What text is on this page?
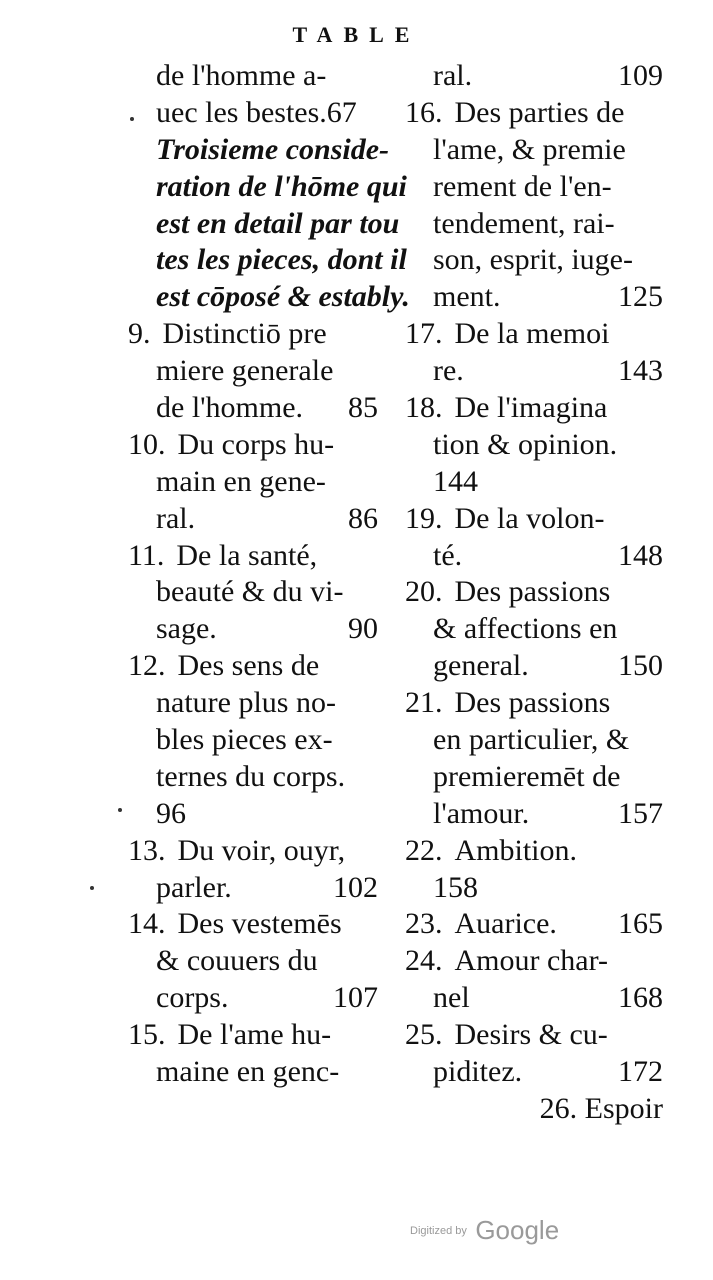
TABLE
de l'homme a-
uec les bestes.67
Troisieme conside-
ration de l'hōme qui
est en detail par tou
tes les pieces, dont il
est cōposé & estably.
9.
Distinctiō pre
miere generale
de l'homme.	85
10.
Du corps hu-
main en gene-
ral.	86
11.
De la santé,
beauté & du vi-
sage.	90
12.
Des sens de
nature plus no-
bles pieces ex-
ternes du corps.
96
13.
Du voir, ouyr,
parler.	102
14.
Des vestemēs
& couuers du
corps.	107
15.
De l'ame hu-
maine en genc-
ral.	109
16.
Des parties de
l'ame, & premie
rement de l'en-
tendement, rai-
son, esprit, iuge-
ment.	125
17.
De la memoi
re.	143
18.
De l'imagina
tion & opinion.
144
19.
De la volon-
té.	148
20.
Des passions
& affections en
general.	150
21.
Des passions
en particulier, &
premieremēt de
l'amour.	157
22.
Ambition.
158
23.
Auarice.	165
24.
Amour char-
nel	168
25.
Desirs & cu-
piditez.	172
26. Espoir
Digitized by Google
